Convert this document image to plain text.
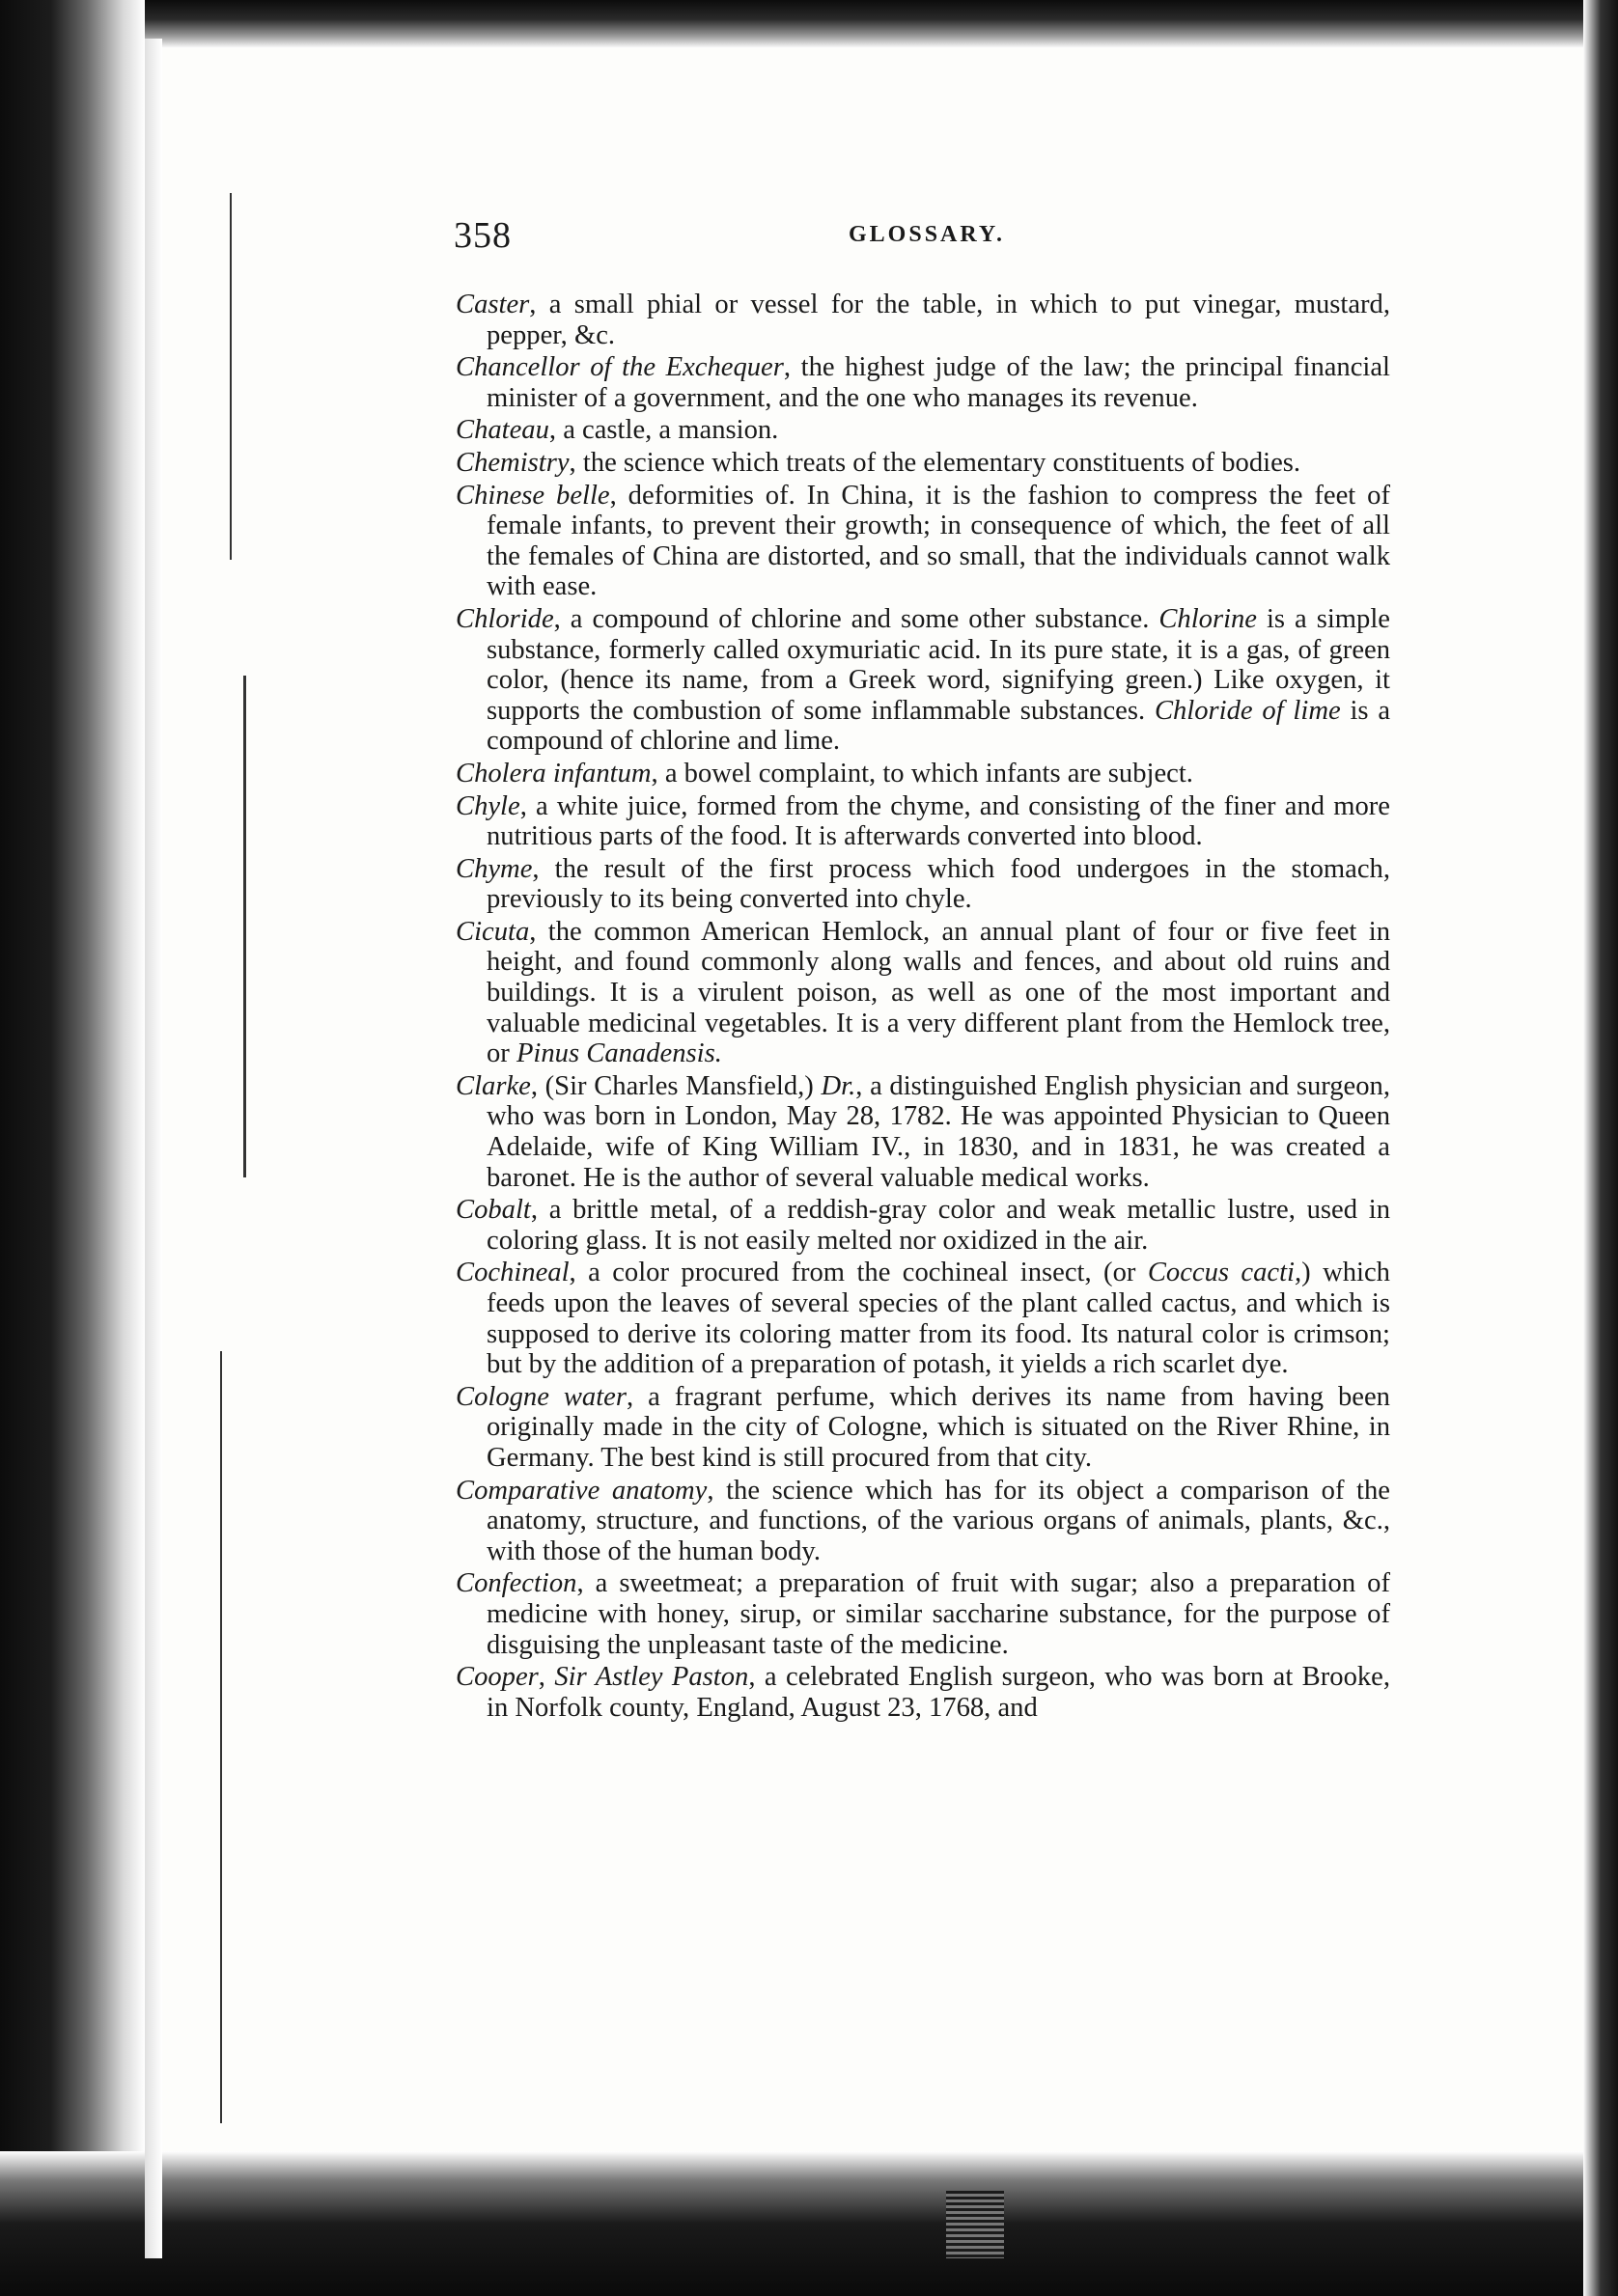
358	GLOSSARY.

Caster, a small phial or vessel for the table, in which to put vinegar, mustard, pepper, &c.

Chancellor of the Exchequer, the highest judge of the law; the principal financial minister of a government, and the one who manages its revenue.

Chateau, a castle, a mansion.

Chemistry, the science which treats of the elementary constituents of bodies.

Chinese belle, deformities of. In China, it is the fashion to compress the feet of female infants, to prevent their growth; in consequence of which, the feet of all the females of China are distorted, and so small, that the individuals cannot walk with ease.

Chloride, a compound of chlorine and some other substance. Chlorine is a simple substance, formerly called oxymuriatic acid. In its pure state, it is a gas, of green color, (hence its name, from a Greek word, signifying green.) Like oxygen, it supports the combustion of some inflammable substances. Chloride of lime is a compound of chlorine and lime.

Cholera infantum, a bowel complaint, to which infants are subject.

Chyle, a white juice, formed from the chyme, and consisting of the finer and more nutritious parts of the food. It is afterwards converted into blood.

Chyme, the result of the first process which food undergoes in the stomach, previously to its being converted into chyle.

Cicuta, the common American Hemlock, an annual plant of four or five feet in height, and found commonly along walls and fences, and about old ruins and buildings. It is a virulent poison, as well as one of the most important and valuable medicinal vegetables. It is a very different plant from the Hemlock tree, or Pinus Canadensis.

Clarke, (Sir Charles Mansfield,) Dr., a distinguished English physician and surgeon, who was born in London, May 28, 1782. He was appointed Physician to Queen Adelaide, wife of King William IV., in 1830, and in 1831, he was created a baronet. He is the author of several valuable medical works.

Cobalt, a brittle metal, of a reddish-gray color and weak metallic lustre, used in coloring glass. It is not easily melted nor oxidized in the air.

Cochineal, a color procured from the cochineal insect, (or Coccus cacti,) which feeds upon the leaves of several species of the plant called cactus, and which is supposed to derive its coloring matter from its food. Its natural color is crimson; but by the addition of a preparation of potash, it yields a rich scarlet dye.

Cologne water, a fragrant perfume, which derives its name from having been originally made in the city of Cologne, which is situated on the River Rhine, in Germany. The best kind is still procured from that city.

Comparative anatomy, the science which has for its object a comparison of the anatomy, structure, and functions, of the various organs of animals, plants, &c., with those of the human body.

Confection, a sweetmeat; a preparation of fruit with sugar; also a preparation of medicine with honey, sirup, or similar saccharine substance, for the purpose of disguising the unpleasant taste of the medicine.

Cooper, Sir Astley Paston, a celebrated English surgeon, who was born at Brooke, in Norfolk county, England, August 23, 1768, and
